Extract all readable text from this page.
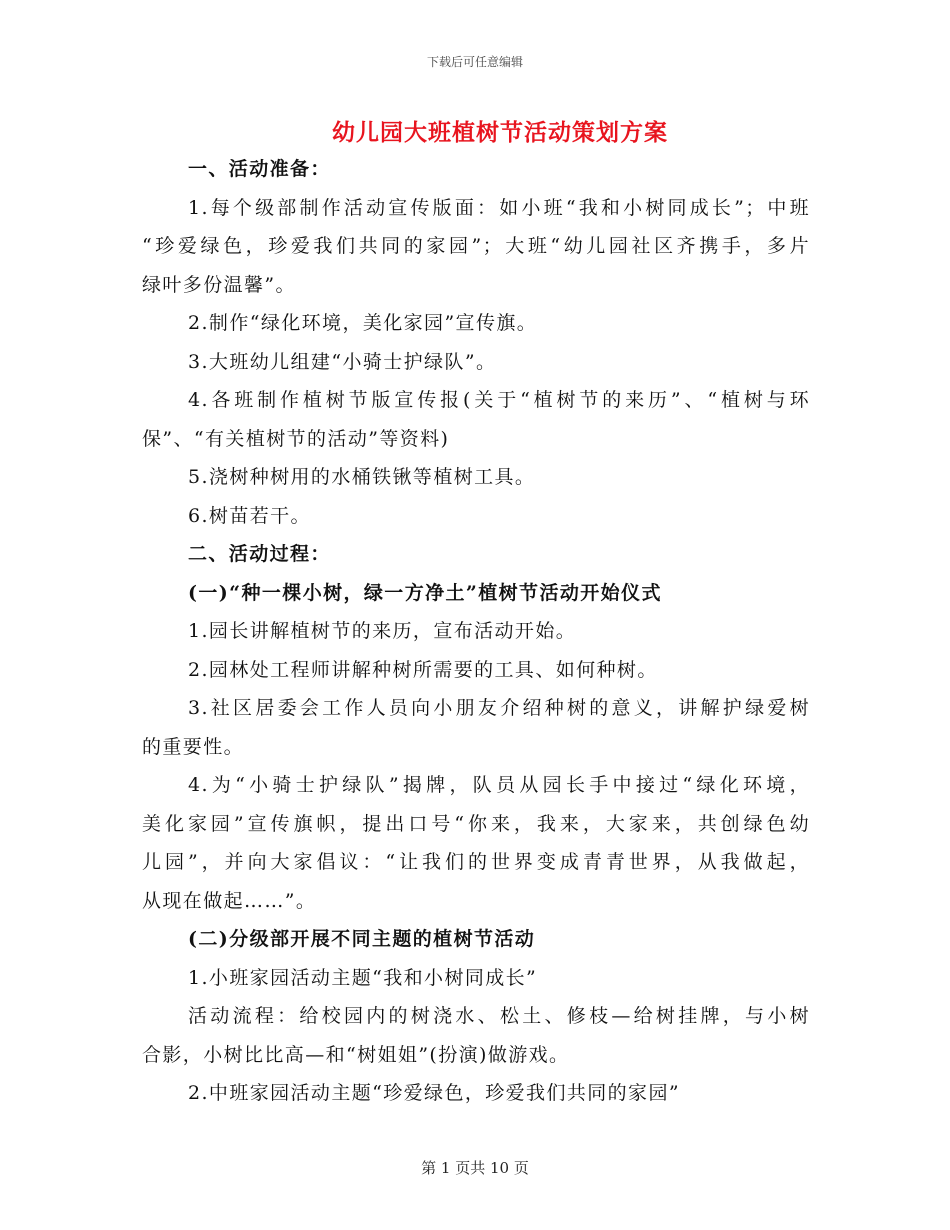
下载后可任意编辑
幼儿园大班植树节活动策划方案

一、活动准备：

1.每个级部制作活动宣传版面：如小班“我和小树同成长”；中班

“珍爱绿色，珍爱我们共同的家园”；大班“幼儿园社区齐携手，多片

绿叶多份温馨”。

2.制作“绿化环境，美化家园”宣传旗。

3.大班幼儿组建“小骑士护绿队”。

4.各班制作植树节版宣传报(关于“植树节的来历”、“植树与环

保”、“有关植树节的活动”等资料)

5.浇树种树用的水桶铁锹等植树工具。

6.树苗若干。

二、活动过程：

(一)“种一棵小树，绿一方净土”植树节活动开始仪式

1.园长讲解植树节的来历，宣布活动开始。

2.园林处工程师讲解种树所需要的工具、如何种树。

3.社区居委会工作人员向小朋友介绍种树的意义，讲解护绿爱树

的重要性。

4.为“小骑士护绿队”揭牌，队员从园长手中接过“绿化环境，

美化家园”宣传旗帜，提出口号“你来，我来，大家来，共创绿色幼

儿园”，并向大家倡议：“让我们的世界变成青青世界，从我做起，

从现在做起……”。

(二)分级部开展不同主题的植树节活动

1.小班家园活动主题“我和小树同成长”

活动流程：给校园内的树浇水、松土、修枝—给树挂牌，与小树

合影，小树比比高—和“树姐姐”(扮演)做游戏。

2.中班家园活动主题“珍爱绿色，珍爱我们共同的家园”

第 1 页共 10 页
